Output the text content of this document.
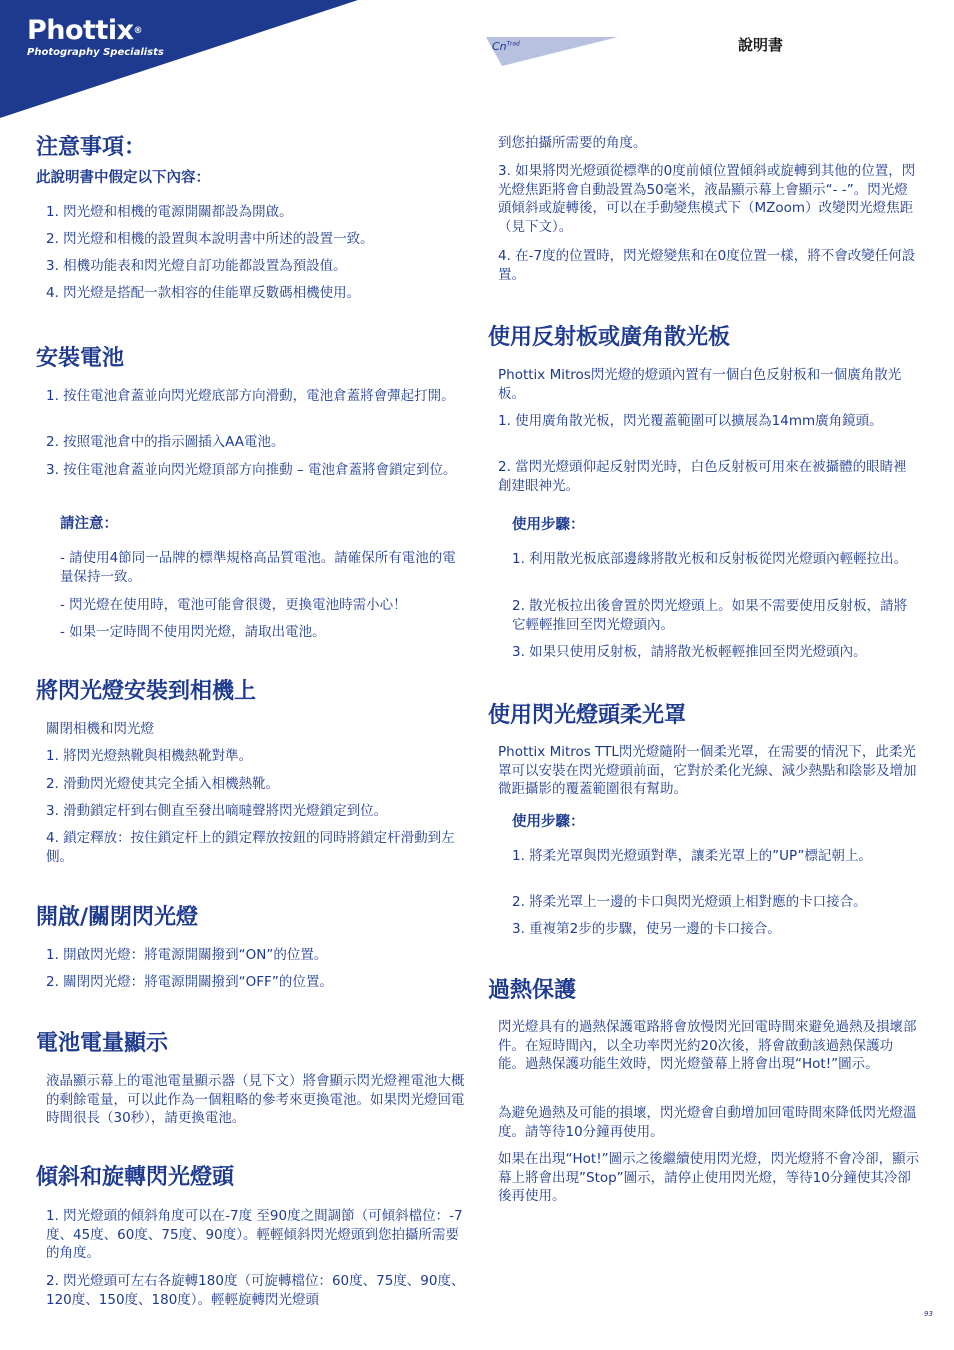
Phottix®
Photography Specialists	$Cn^{Trad}$	說明書
注意事項：
此說明書中假定以下內容：
1. 閃光燈和相機的電源開關都設為開啟。
2. 閃光燈和相機的設置與本說明書中所述的設置一致。
3. 相機功能表和閃光燈自訂功能都設置為預設值。
4. 閃光燈是搭配一款相容的佳能單反數碼相機使用。
安裝電池
1. 按住電池倉蓋並向閃光燈底部方向滑動，電池倉蓋將會彈起打開。
2. 按照電池倉中的指示圖插入AA電池。
3. 按住電池倉蓋並向閃光燈頂部方向推動 – 電池倉蓋將會鎖定到位。
請注意：
- 請使用4節同一品牌的標準規格高品質電池。請確保所有電池的電量保持一致。
- 閃光燈在使用時，電池可能會很燙，更換電池時需小心！
- 如果一定時間不使用閃光燈，請取出電池。
將閃光燈安裝到相機上
關閉相機和閃光燈
1. 將閃光燈熱靴與相機熱靴對準。
2. 滑動閃光燈使其完全插入相機熱靴。
3. 滑動鎖定杆到右側直至發出嘀噠聲將閃光燈鎖定到位。
4. 鎖定釋放：按住鎖定杆上的鎖定釋放按鈕的同時將鎖定杆滑動到左側。
開啟/關閉閃光燈
1. 開啟閃光燈：將電源開關撥到“ON”的位置。
2. 關閉閃光燈：將電源開關撥到“OFF”的位置。
電池電量顯示
液晶顯示幕上的電池電量顯示器（見下文）將會顯示閃光燈裡電池大概的剩餘電量，可以此作為一個粗略的參考來更換電池。如果閃光燈回電時間很長（30秒），請更換電池。
傾斜和旋轉閃光燈頭
1. 閃光燈頭的傾斜角度可以在-7度 至90度之間調節（可傾斜檔位：-7度、45度、60度、75度、90度）。輕輕傾斜閃光燈頭到您拍攝所需要的角度。
2. 閃光燈頭可左右各旋轉180度（可旋轉檔位：60度、75度、90度、120度、150度、180度）。輕輕旋轉閃光燈頭
到您拍攝所需要的角度。
3. 如果將閃光燈頭從標準的0度前傾位置傾斜或旋轉到其他的位置，閃光燈焦距將會自動設置為50毫米，液晶顯示幕上會顯示“- -”。閃光燈頭傾斜或旋轉後，可以在手動變焦模式下（MZoom）改變閃光燈焦距（見下文）。
4. 在-7度的位置時，閃光燈變焦和在0度位置一樣，將不會改變任何設置。
使用反射板或廣角散光板
Phottix Mitros閃光燈的燈頭內置有一個白色反射板和一個廣角散光板。
1. 使用廣角散光板，閃光覆蓋範圍可以擴展為14mm廣角鏡頭。
2. 當閃光燈頭仰起反射閃光時，白色反射板可用來在被攝體的眼睛裡創建眼神光。
使用步驟：
1. 利用散光板底部邊緣將散光板和反射板從閃光燈頭內輕輕拉出。
2. 散光板拉出後會置於閃光燈頭上。如果不需要使用反射板，請將它輕輕推回至閃光燈頭內。
3. 如果只使用反射板，請將散光板輕輕推回至閃光燈頭內。
使用閃光燈頭柔光罩
Phottix Mitros TTL閃光燈隨附一個柔光罩，在需要的情況下，此柔光罩可以安裝在閃光燈頭前面，它對於柔化光線、減少熱點和陰影及增加微距攝影的覆蓋範圍很有幫助。
使用步驟：
1. 將柔光罩與閃光燈頭對準，讓柔光罩上的”UP”標記朝上。
2. 將柔光罩上一邊的卡口與閃光燈頭上相對應的卡口接合。
3. 重複第2步的步驟，使另一邊的卡口接合。
過熱保護
閃光燈具有的過熱保護電路將會放慢閃光回電時間來避免過熱及損壞部件。在短時間內，以全功率閃光約20次後，將會啟動該過熱保護功能。過熱保護功能生效時，閃光燈螢幕上將會出現“Hot!”圖示。
為避免過熱及可能的損壞，閃光燈會自動增加回電時間來降低閃光燈溫度。請等待10分鐘再使用。
如果在出現“Hot!”圖示之後繼續使用閃光燈，閃光燈將不會冷卻，顯示幕上將會出現”Stop”圖示，請停止使用閃光燈，等待10分鐘使其冷卻後再使用。
93
